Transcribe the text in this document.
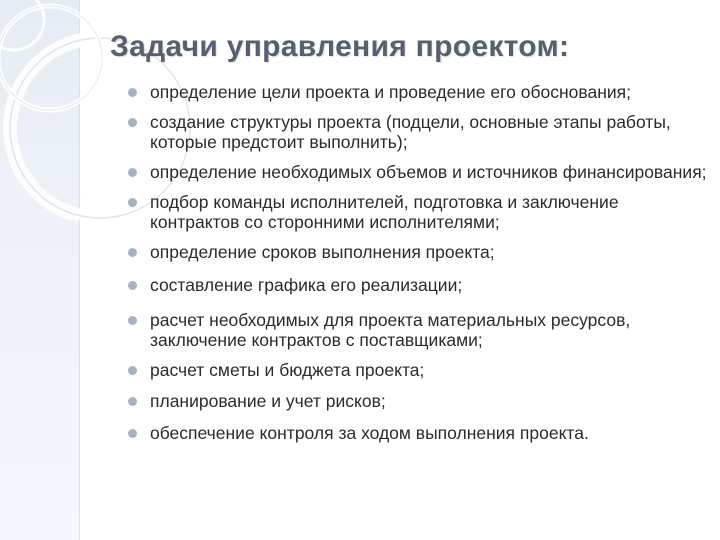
Задачи управления проектом:
определение цели проекта и проведение его обоснования;
создание структуры проекта (подцели, основные этапы работы, которые предстоит выполнить);
определение необходимых объемов и источников финансирования;
подбор команды исполнителей, подготовка и заключение контрактов со сторонними исполнителями;
определение сроков выполнения проекта;
составление графика его реализации;
расчет необходимых для проекта материальных ресурсов, заключение контрактов с поставщиками;
расчет сметы и бюджета проекта;
планирование и учет рисков;
обеспечение контроля за ходом выполнения проекта.
